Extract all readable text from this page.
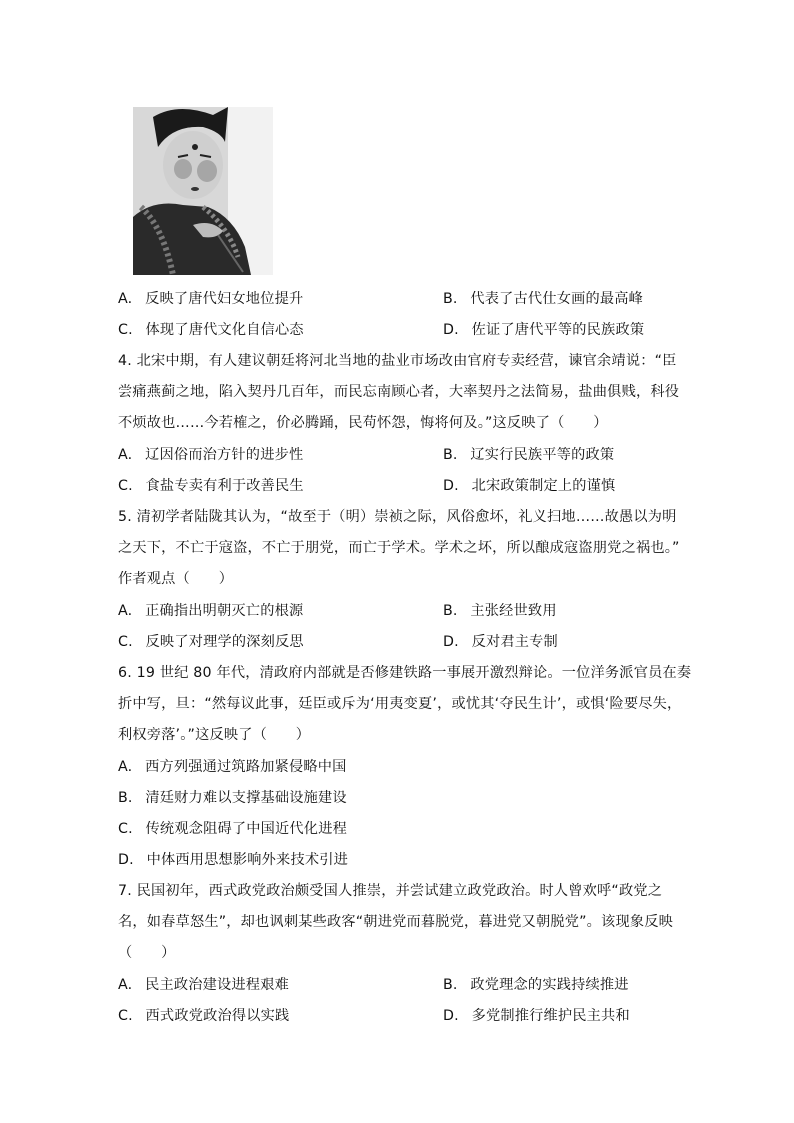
A. 反映了唐代妇女地位提升	B. 代表了古代仕女画的最高峰
C. 体现了唐代文化自信心态	D. 佐证了唐代平等的民族政策
4. 北宋中期，有人建议朝廷将河北当地的盐业市场改由官府专卖经营，谏官余靖说：“臣
尝痛燕蓟之地，陷入契丹几百年，而民忘南顾心者，大率契丹之法简易，盐曲俱贱，科役
不烦故也……今若榷之，价必腾踊，民苟怀怨，悔将何及。”这反映了（　　）
A. 辽因俗而治方针的进步性	B. 辽实行民族平等的政策
C. 食盐专卖有利于改善民生	D. 北宋政策制定上的谨慎
5. 清初学者陆陇其认为，“故至于（明）崇祯之际，风俗愈坏，礼义扫地……故愚以为明
之天下，不亡于寇盗，不亡于朋党，而亡于学术。学术之坏，所以酿成寇盗朋党之祸也。”
作者观点（　　）
A. 正确指出明朝灭亡的根源	B. 主张经世致用
C. 反映了对理学的深刻反思	D. 反对君主专制
6. 19 世纪 80 年代，清政府内部就是否修建铁路一事展开激烈辩论。一位洋务派官员在奏
折中写，旦：“然每议此事，廷臣或斥为‘用夷变夏’，或忧其‘夺民生计’，或惧‘险要尽失，
利权旁落’。”这反映了（　　）
A. 西方列强通过筑路加紧侵略中国
B. 清廷财力难以支撑基础设施建设
C. 传统观念阻碍了中国近代化进程
D. 中体西用思想影响外来技术引进
7. 民国初年，西式政党政治颇受国人推崇，并尝试建立政党政治。时人曾欢呼“政党之
名，如春草怒生”，却也讽刺某些政客“朝进党而暮脱党，暮进党又朝脱党”。该现象反映
（　　）
A. 民主政治建设进程艰难	B. 政党理念的实践持续推进
C. 西式政党政治得以实践	D. 多党制推行维护民主共和
